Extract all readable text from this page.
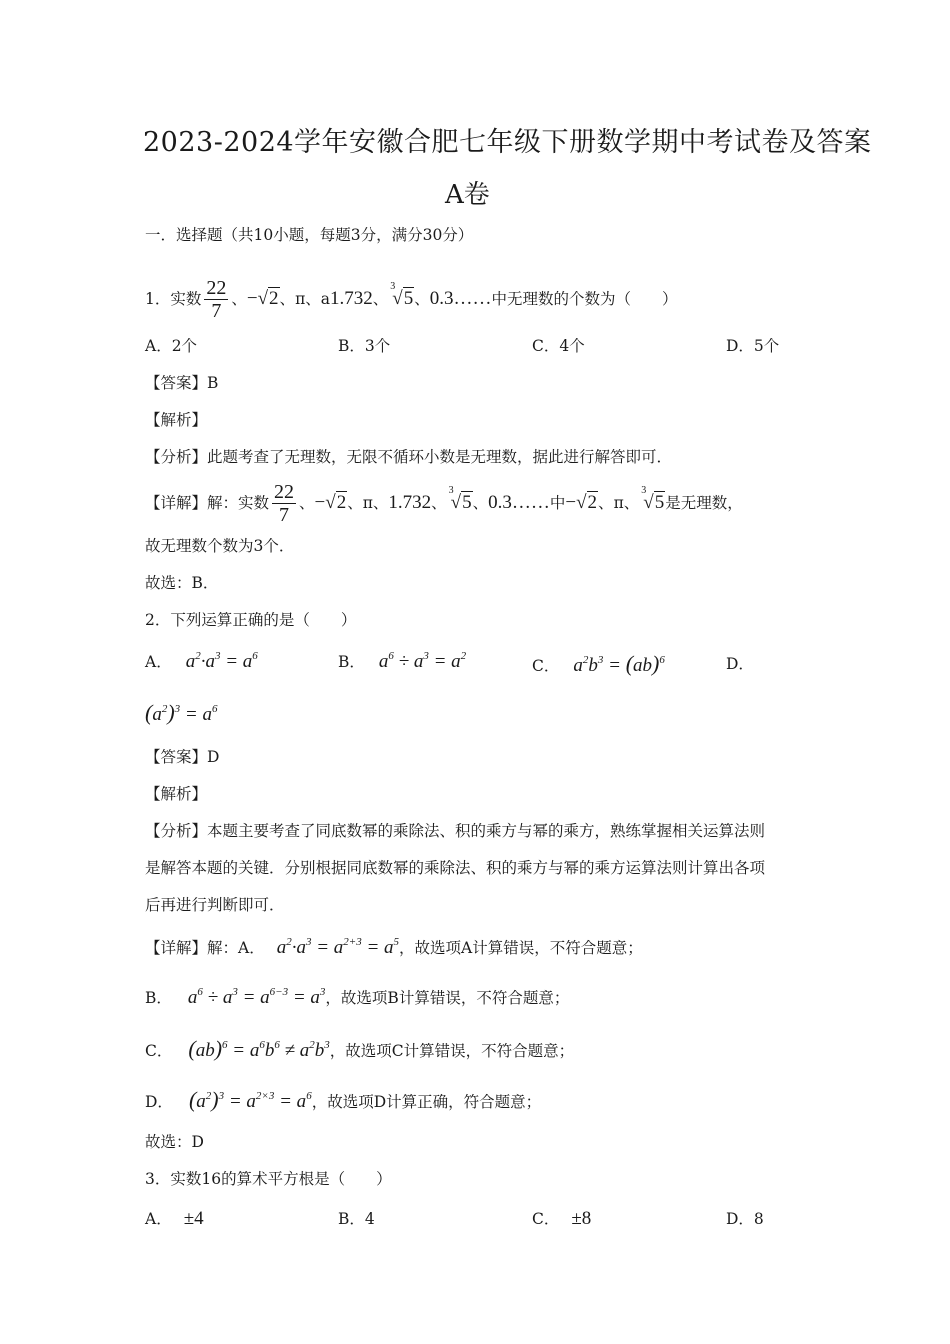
2023-2024学年安徽合肥七年级下册数学期中考试卷及答案
A卷
一．选择题（共10小题，每题3分，满分30分）
1．实数 $\frac{22}{7}$ 、 − √2 、 π 、 a 1.732 、
3
√5 、 0.3…… 中无理数的个数为（　　）
A．2个	B．3个	C．4个	D．5个
【答案】B
【解析】
【分析】此题考查了无理数，无限不循环小数是无理数，据此进行解答即可．
【详解】解：实数 $\frac{22}{7}$ 、 − √2 、 π 、 1.732 、
3
√5 、 0.3…… 中 − √2 、 π 、
3
√5 是无理数，
故无理数个数为3个．
故选：B．
2．下列运算正确的是（　　）
A． $a^2\cdot a^3 = a^6$	B． $a^6 \div a^3 = a^2$
C． $a^2b^3 = (ab)^6$	D．
$(a^2)^3 = a^6$
【答案】D
【解析】
【分析】本题主要考查了同底数幂的乘除法、积的乘方与幂的乘方，熟练掌握相关运算法则
是解答本题的关键．分别根据同底数幂的乘除法、积的乘方与幂的乘方运算法则计算出各项
后再进行判断即可．
【详解】解：A． $a^2\cdot a^3 = a^{2+3} = a^5$，故选项A计算错误，不符合题意；
B． $a^6 \div a^3 = a^{6-3} = a^3$，故选项B计算错误，不符合题意；
C． $(ab)^6 = a^6b^6 \ne a^2b^3$，故选项C计算错误，不符合题意；
D． $(a^2)^3 = a^{2\times 3} = a^6$，故选项D计算正确，符合题意；
故选：D
3．实数16的算术平方根是（　　）
A． ±4	B．4	C． ±8	D．8
